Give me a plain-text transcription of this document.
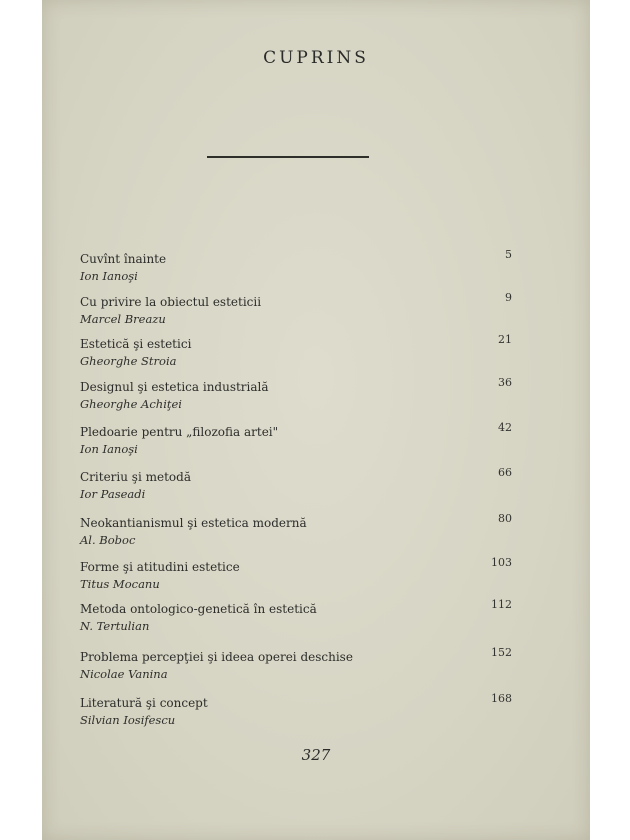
CUPRINS
Cuvînt înainte
Ion Ianoşi
5
Cu privire la obiectul esteticii
Marcel Breazu
9
Estetică şi estetici
Gheorghe Stroia
21
Designul şi estetica industrială
Gheorghe Achiţei
36
Pledoarie pentru „filozofia artei"
Ion Ianoşi
42
Criteriu şi metodă
Ior Paseadi
66
Neokantianismul şi estetica modernă
Al. Boboc
80
Forme şi atitudini estetice
Titus Mocanu
103
Metoda ontologico-genetică în estetică
N. Tertulian
112
Problema percepţiei şi ideea operei deschise
Nicolae Vanina
152
Literatură şi concept
Silvian Iosifescu
168
327
